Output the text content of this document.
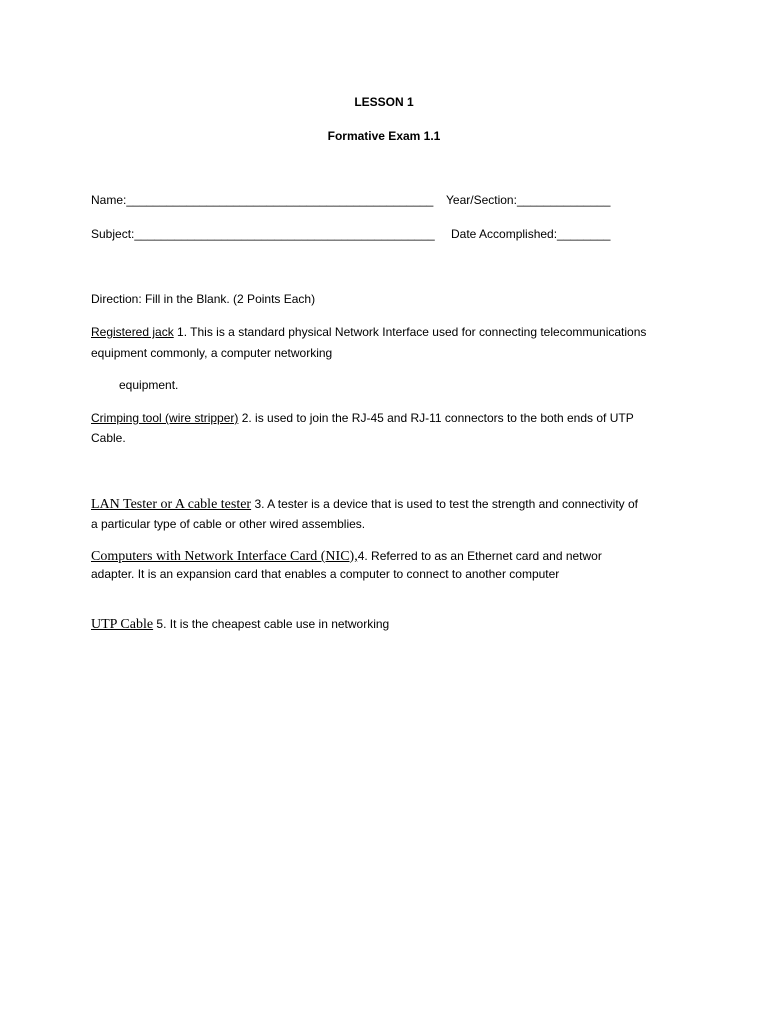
LESSON 1
Formative Exam 1.1
Name:______________________________________________ Year/Section:______________
Subject:_____________________________________________ Date Accomplished:________
Direction: Fill in the Blank. (2 Points Each)
Registered jack 1. This is a standard physical Network Interface used for connecting telecommunications
equipment commonly, a computer networking
equipment.
Crimping tool (wire stripper) 2. is used to join the RJ-45 and RJ-11 connectors to the both ends of UTP
Cable.
LAN Tester or A cable tester 3. A tester is a device that is used to test the strength and connectivity of
a particular type of cable or other wired assemblies.
Computers with Network Interface Card (NIC),4. Referred to as an Ethernet card and networ
adapter. It is an expansion card that enables a computer to connect to another computer
UTP Cable 5. It is the cheapest cable use in networking
